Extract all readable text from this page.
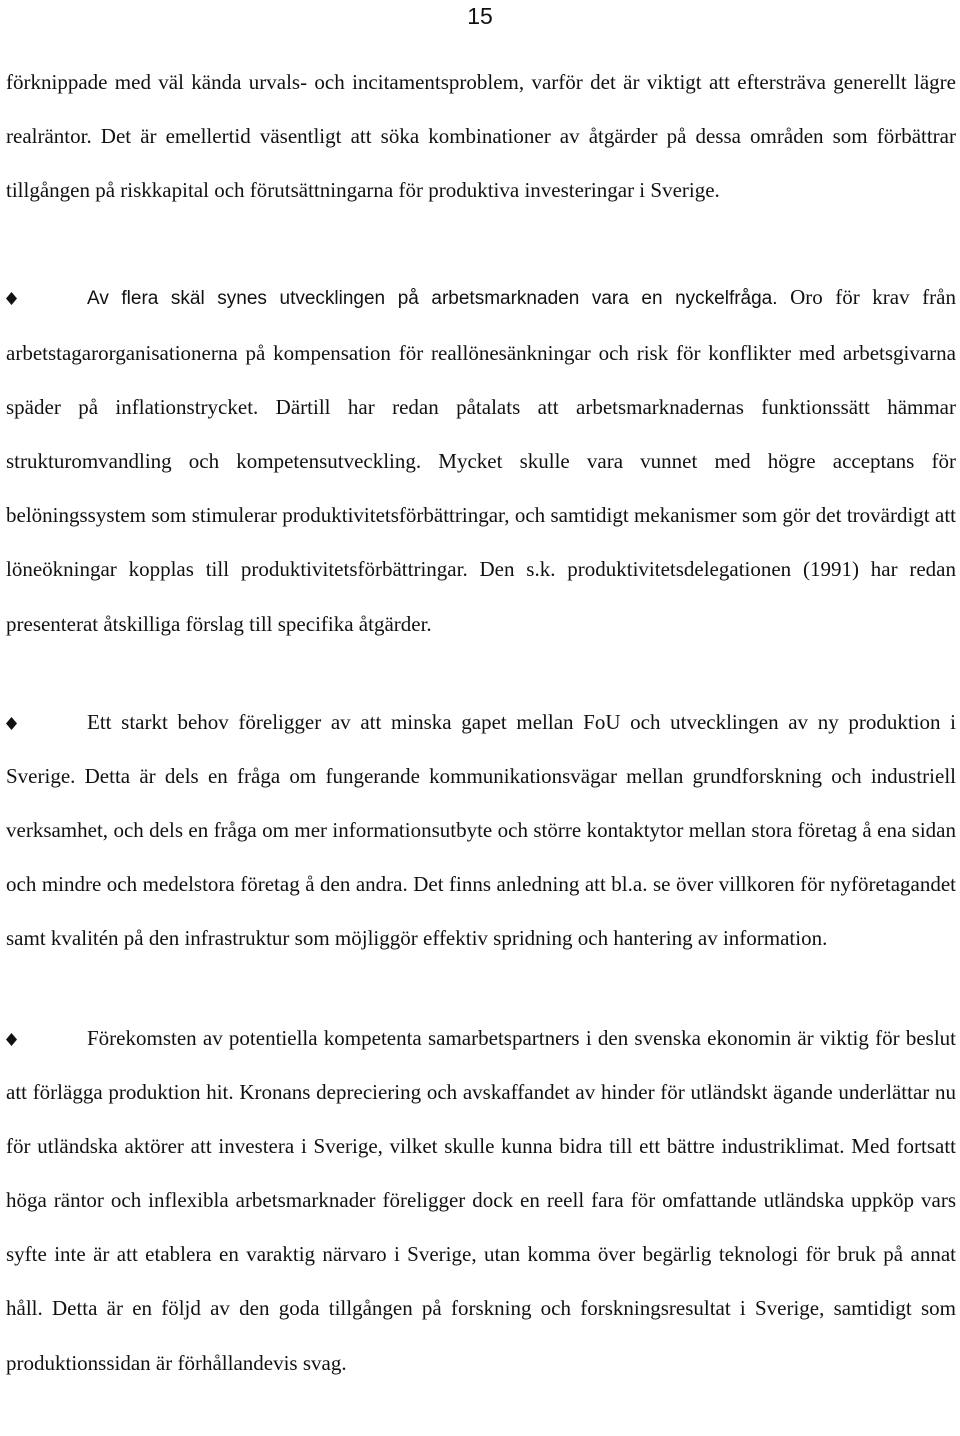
15

förknippade med väl kända urvals- och incitamentsproblem, varför det är viktigt att eftersträva generellt lägre realräntor. Det är emellertid väsentligt att söka kombinationer av åtgärder på dessa områden som förbättrar tillgången på riskkapital och förutsättningarna för produktiva investeringar i Sverige.

Av flera skäl synes utvecklingen på arbetsmarknaden vara en nyckelfråga. Oro för krav från arbetstagarorganisationerna på kompensation för reallönesänkningar och risk för konflikter med arbetsgivarna späder på inflationstrycket. Därtill har redan påtalats att arbetsmarknadernas funktionssätt hämmar strukturomvandling och kompetensutveckling. Mycket skulle vara vunnet med högre acceptans för belöningssystem som stimulerar produktivitetsförbättringar, och samtidigt mekanismer som gör det trovärdigt att löneökningar kopplas till produktivitetsförbättringar. Den s.k. produktivitetsdelegationen (1991) har redan presenterat åtskilliga förslag till specifika åtgärder.

Ett starkt behov föreligger av att minska gapet mellan FoU och utvecklingen av ny produktion i Sverige. Detta är dels en fråga om fungerande kommunikationsvägar mellan grundforskning och industriell verksamhet, och dels en fråga om mer informationsutbyte och större kontaktytor mellan stora företag å ena sidan och mindre och medelstora företag å den andra. Det finns anledning att bl.a. se över villkoren för nyföretagandet samt kvalitén på den infrastruktur som möjliggör effektiv spridning och hantering av information.

Förekomsten av potentiella kompetenta samarbetspartners i den svenska ekonomin är viktig för beslut att förlägga produktion hit. Kronans depreciering och avskaffandet av hinder för utländskt ägande underlättar nu för utländska aktörer att investera i Sverige, vilket skulle kunna bidra till ett bättre industriklimat. Med fortsatt höga räntor och inflexibla arbetsmarknader föreligger dock en reell fara för omfattande utländska uppköp vars syfte inte är att etablera en varaktig närvaro i Sverige, utan komma över begärlig teknologi för bruk på annat håll. Detta är en följd av den goda tillgången på forskning och forskningsresultat i Sverige, samtidigt som produktionssidan är förhållandevis svag.
